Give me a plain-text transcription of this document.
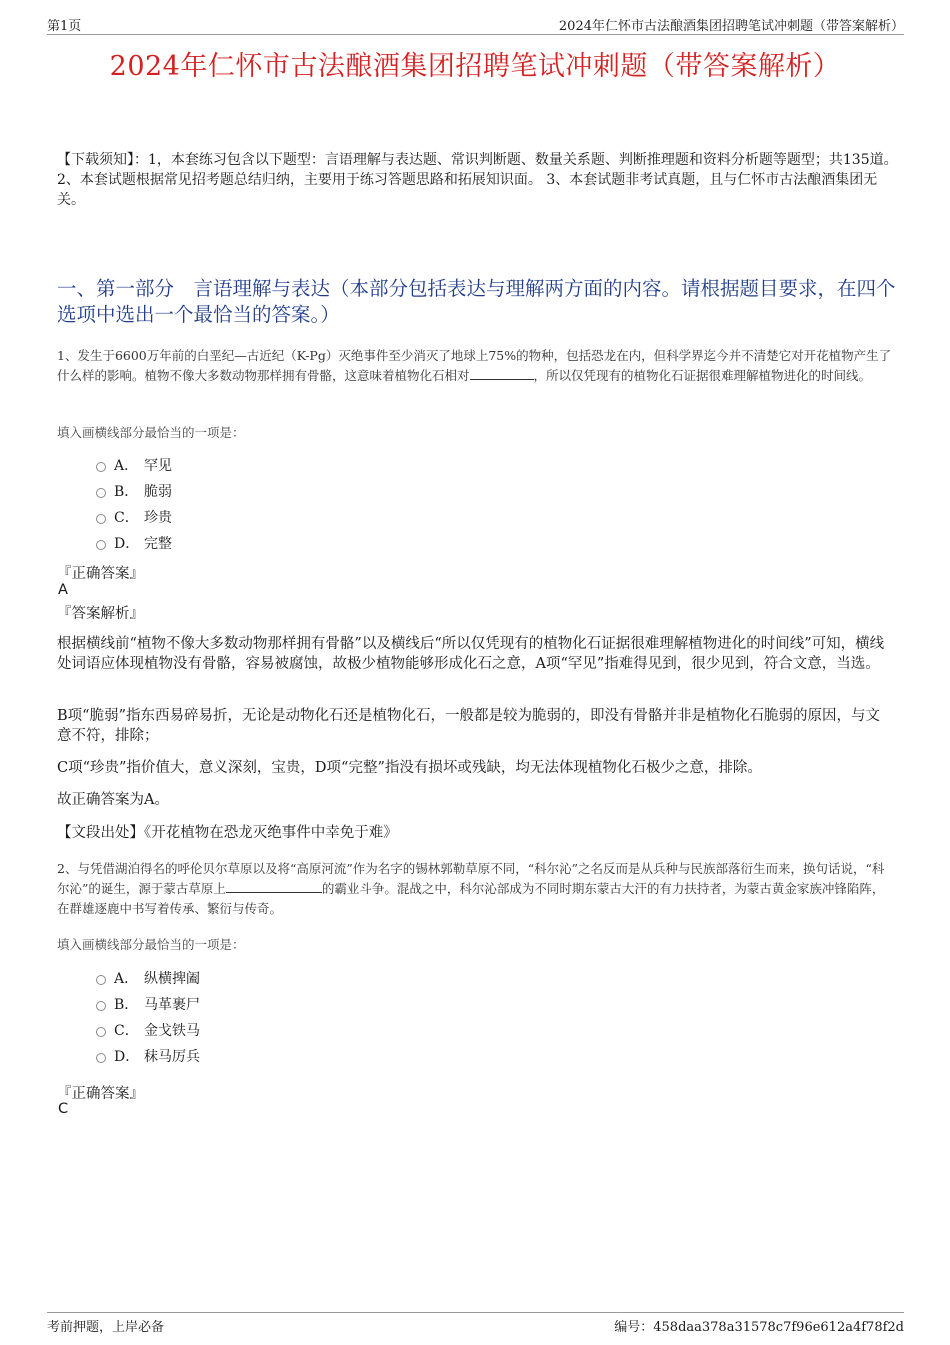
第1页	2024年仁怀市古法酿酒集团招聘笔试冲刺题（带答案解析）
2024年仁怀市古法酿酒集团招聘笔试冲刺题（带答案解析）
【下载须知】：1，本套练习包含以下题型：言语理解与表达题、常识判断题、数量关系题、判断推理题和资料分析题等题型；共135道。 2、本套试题根据常见招考题总结归纳，主要用于练习答题思路和拓展知识面。 3、本套试题非考试真题，且与仁怀市古法酿酒集团无关。
一、第一部分　言语理解与表达（本部分包括表达与理解两方面的内容。请根据题目要求，在四个选项中选出一个最恰当的答案。）
1、发生于6600万年前的白垩纪—古近纪（K-Pg）灭绝事件至少消灭了地球上75%的物种，包括恐龙在内，但科学界迄今并不清楚它对开花植物产生了什么样的影响。植物不像大多数动物那样拥有骨骼，这意味着植物化石相对	，所以仅凭现有的植物化石证据很难理解植物进化的时间线。
填入画横线部分最恰当的一项是：
A． 罕见
B． 脆弱
C． 珍贵
D． 完整
『正确答案』
A
『答案解析』
根据横线前“植物不像大多数动物那样拥有骨骼”以及横线后“所以仅凭现有的植物化石证据很难理解植物进化的时间线”可知，横线处词语应体现植物没有骨骼，容易被腐蚀，故极少植物能够形成化石之意，A项“罕见”指难得见到，很少见到，符合文意，当选。
B项“脆弱”指东西易碎易折，无论是动物化石还是植物化石，一般都是较为脆弱的，即没有骨骼并非是植物化石脆弱的原因，与文意不符，排除；
C项“珍贵”指价值大，意义深刻，宝贵，D项“完整”指没有损坏或残缺，均无法体现植物化石极少之意，排除。
故正确答案为A。
【文段出处】《开花植物在恐龙灭绝事件中幸免于难》
2、与凭借湖泊得名的呼伦贝尔草原以及将“高原河流”作为名字的锡林郭勒草原不同，“科尔沁”之名反而是从兵种与民族部落衍生而来，换句话说，“科尔沁”的诞生，源于蒙古草原上	的霸业斗争。混战之中，科尔沁部成为不同时期东蒙古大汗的有力扶持者，为蒙古黄金家族冲锋陷阵，在群雄逐鹿中书写着传承、繁衍与传奇。
填入画横线部分最恰当的一项是：
A． 纵横捭阖
B． 马革裹尸
C． 金戈铁马
D． 秣马厉兵
『正确答案』
C
考前押题，上岸必备	编号：458daa378a31578c7f96e612a4f78f2d
